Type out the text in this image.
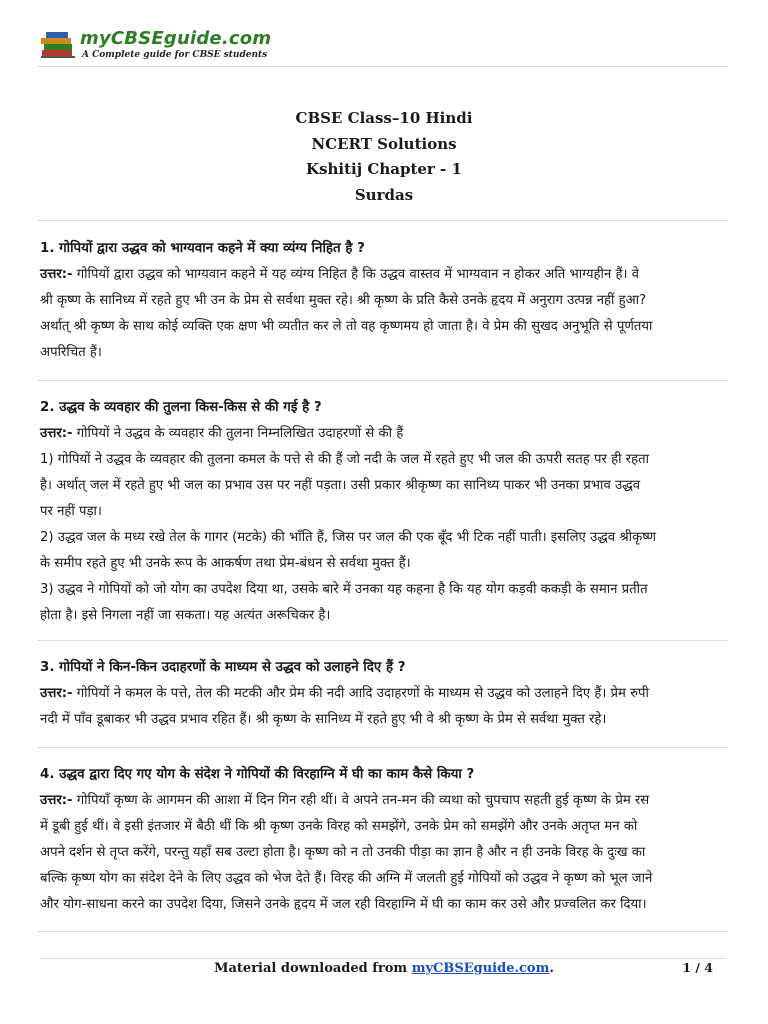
myCBSEguide.com
A Complete guide for CBSE students
CBSE Class–10 Hindi
NCERT Solutions
Kshitij Chapter - 1
Surdas
1. गोपियों द्वारा उद्धव को भाग्यवान कहने में क्या व्यंग्य निहित है ?
उत्तर:- गोपियों द्वारा उद्धव को भाग्यवान कहने में यह व्यंग्य निहित है कि उद्धव वास्तव में भाग्यवान न होकर अति भाग्यहीन हैं। वे
श्री कृष्ण के सानिध्य में रहते हुए भी उन के प्रेम से सर्वथा मुक्त रहे। श्री कृष्ण के प्रति कैसे उनके हृदय में अनुराग उत्पन्न नहीं हुआ?
अर्थात् श्री कृष्ण के साथ कोई व्यक्ति एक क्षण भी व्यतीत कर ले तो वह कृष्णमय हो जाता है। वे प्रेम की सुखद अनुभूति से पूर्णतया
अपरिचित हैं।
2. उद्धव के व्यवहार की तुलना किस-किस से की गई है ?
उत्तर:- गोपियों ने उद्धव के व्यवहार की तुलना निम्नलिखित उदाहरणों से की हैं
1) गोपियों ने उद्धव के व्यवहार की तुलना कमल के पत्ते से की हैं जो नदी के जल में रहते हुए भी जल की ऊपरी सतह पर ही रहता
है। अर्थात् जल में रहते हुए भी जल का प्रभाव उस पर नहीं पड़ता। उसी प्रकार श्रीकृष्ण का सानिध्य पाकर भी उनका प्रभाव उद्धव
पर नहीं पड़ा।
2) उद्धव जल के मध्य रखे तेल के गागर (मटके) की भाँति हैं, जिस पर जल की एक बूँद भी टिक नहीं पाती। इसलिए उद्धव श्रीकृष्ण
के समीप रहते हुए भी उनके रूप के आकर्षण तथा प्रेम-बंधन से सर्वथा मुक्त हैं।
3) उद्धव ने गोपियों को जो योग का उपदेश दिया था, उसके बारे में उनका यह कहना है कि यह योग कड़वी ककड़ी के समान प्रतीत
होता है। इसे निगला नहीं जा सकता। यह अत्यंत अरूचिकर है।
3. गोपियों ने किन-किन उदाहरणों के माध्यम से उद्धव को उलाहने दिए हैं ?
उत्तर:- गोपियों ने कमल के पत्ते, तेल की मटकी और प्रेम की नदी आदि उदाहरणों के माध्यम से उद्धव को उलाहने दिए हैं। प्रेम रुपी
नदी में पाँव डूबाकर भी उद्धव प्रभाव रहित हैं। श्री कृष्ण के सानिध्य में रहते हुए भी वे श्री कृष्ण के प्रेम से सर्वथा मुक्त रहे।
4. उद्धव द्वारा दिए गए योग के संदेश ने गोपियों की विरहाग्नि में घी का काम कैसे किया ?
उत्तर:- गोपियाँ कृष्ण के आगमन की आशा में दिन गिन रही थीं। वे अपने तन-मन की व्यथा को चुपचाप सहती हुई कृष्ण के प्रेम रस
में डूबी हुई थीं। वे इसी इंतजार में बैठी थीं कि श्री कृष्ण उनके विरह को समझेंगे, उनके प्रेम को समझेंगे और उनके अतृप्त मन को
अपने दर्शन से तृप्त करेंगे, परन्तु यहाँ सब उल्टा होता है। कृष्ण को न तो उनकी पीड़ा का ज्ञान है और न ही उनके विरह के दुःख का
बल्कि कृष्ण योग का संदेश देने के लिए उद्धव को भेज देते हैं। विरह की अग्नि में जलती हुई गोपियों को उद्धव ने कृष्ण को भूल जाने
और योग-साधना करने का उपदेश दिया, जिसने उनके हृदय में जल रही विरहाग्नि में घी का काम कर उसे और प्रज्वलित कर दिया।
Material downloaded from myCBSEguide.com.	1 / 4
